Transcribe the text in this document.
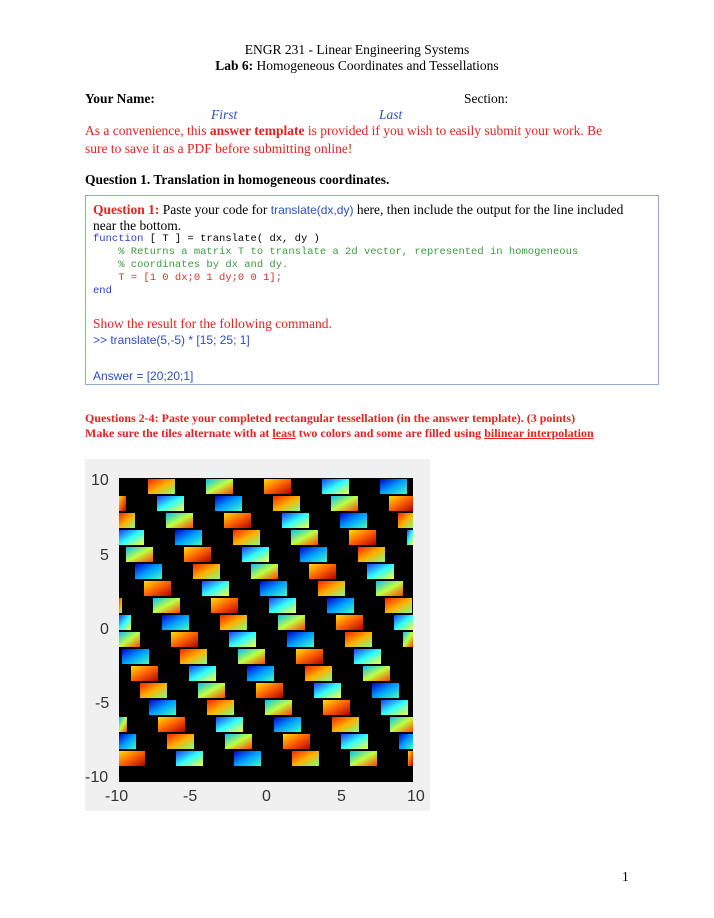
ENGR 231 - Linear Engineering Systems
Lab 6: Homogeneous Coordinates and Tessellations
Your Name:	Section:
First	Last
As a convenience, this answer template is provided if you wish to easily submit your work. Be
sure to save it as a PDF before submitting online!
Question 1. Translation in homogeneous coordinates.
Question 1: Paste your code for translate(dx,dy) here, then include the output for the line included
near the bottom.
function [ T ] = translate( dx, dy )
% Returns a matrix T to translate a 2d vector, represented in homogeneous
% coordinates by dx and dy.
T = [1 0 dx;0 1 dy;0 0 1];
end
Show the result for the following command.
>> translate(5,-5) * [15; 25; 1]
Answer = [20;20;1]
Questions 2-4: Paste your completed rectangular tessellation (in the answer template). (3 points)
Make sure the tiles alternate with at least two colors and some are filled using bilinear interpolation
10
5
0
-5
-10
-10	-5	0	5	10
1
